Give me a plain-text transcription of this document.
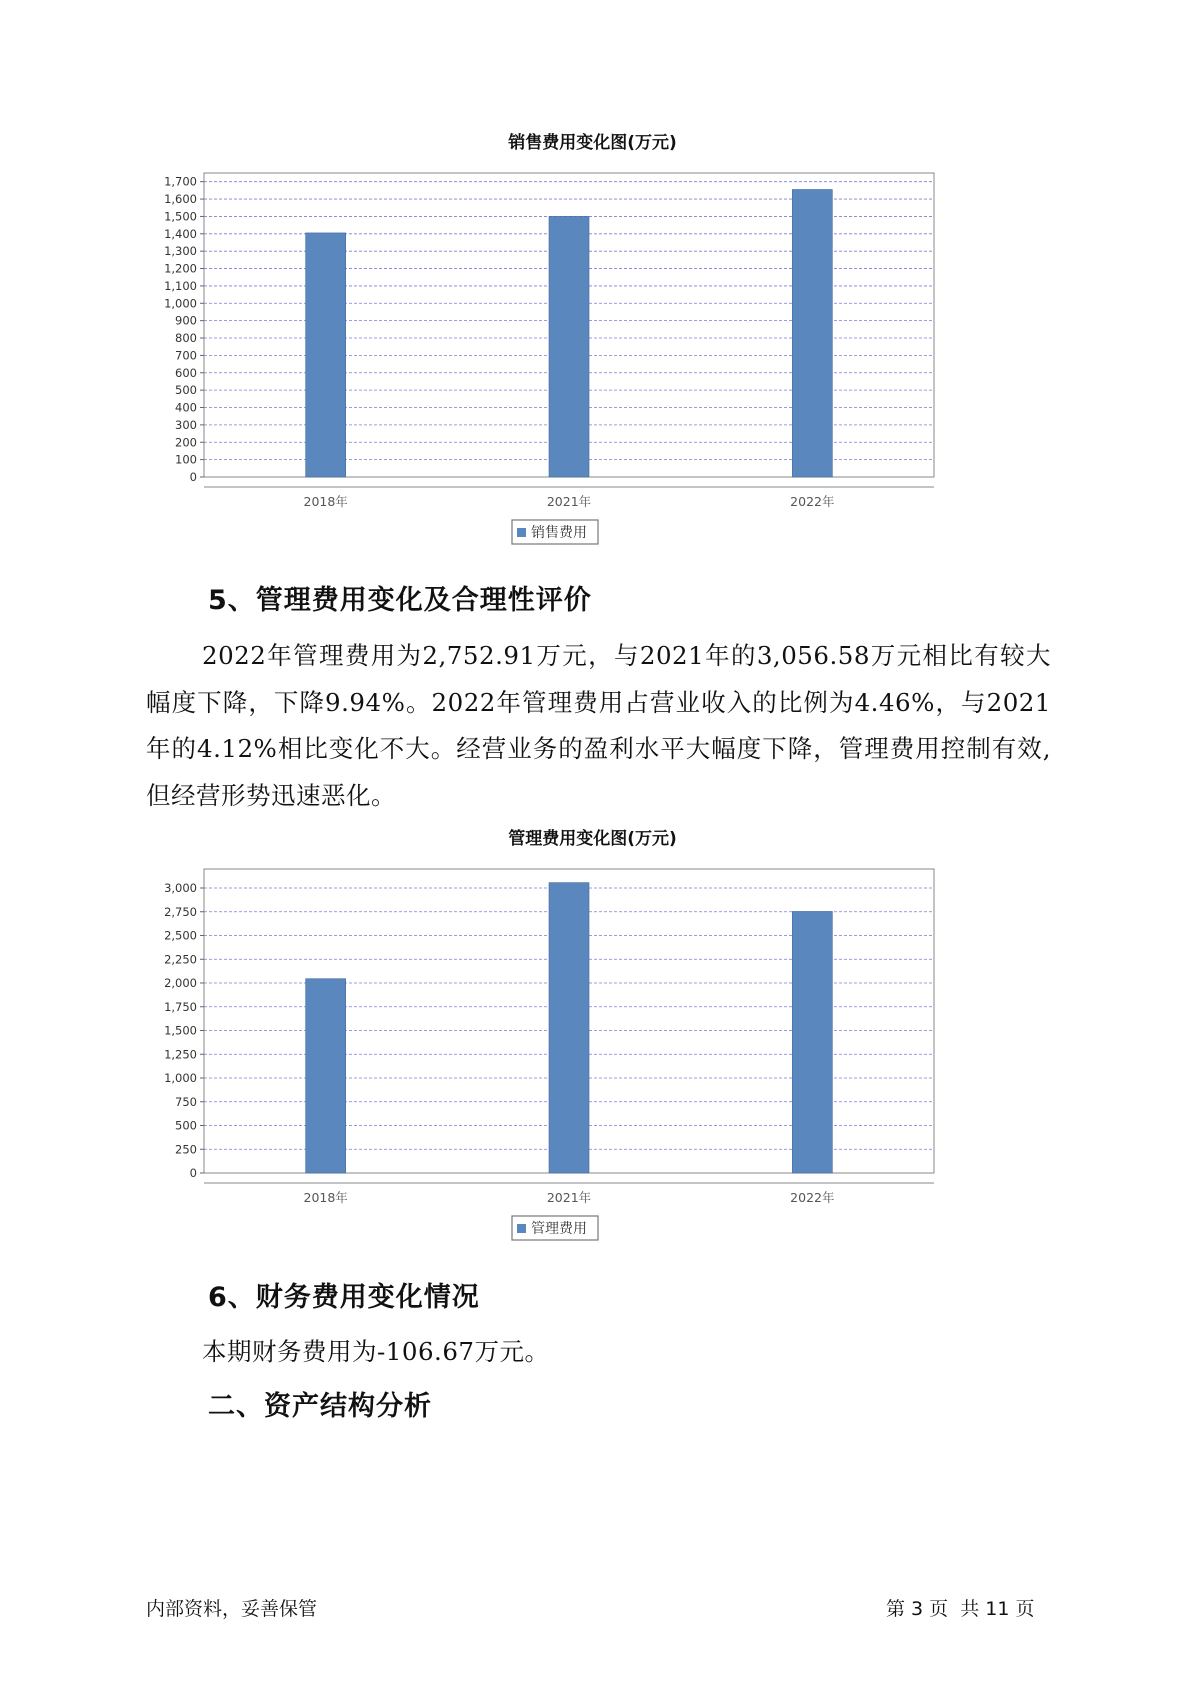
销售费用变化图(万元)
0
100
200
300
400
500
600
700
800
900
1,000
1,100
1,200
1,300
1,400
1,500
1,600
1,700
2018年	2021年	2022年
销售费用
5、管理费用变化及合理性评价

2022年管理费用为2,752.91万元，与2021年的3,056.58万元相比有较大幅度下降，下降9.94%。2022年管理费用占营业收入的比例为4.46%，与2021年的4.12%相比变化不大。经营业务的盈利水平大幅度下降，管理费用控制有效,但经营形势迅速恶化。

管理费用变化图(万元)
0
250
500
750
1,000
1,250
1,500
1,750
2,000
2,250
2,500
2,750
3,000
2018年	2021年	2022年
管理费用
6、财务费用变化情况

本期财务费用为-106.67万元。

二、资产结构分析
内部资料，妥善保管	第 3 页  共 11 页
